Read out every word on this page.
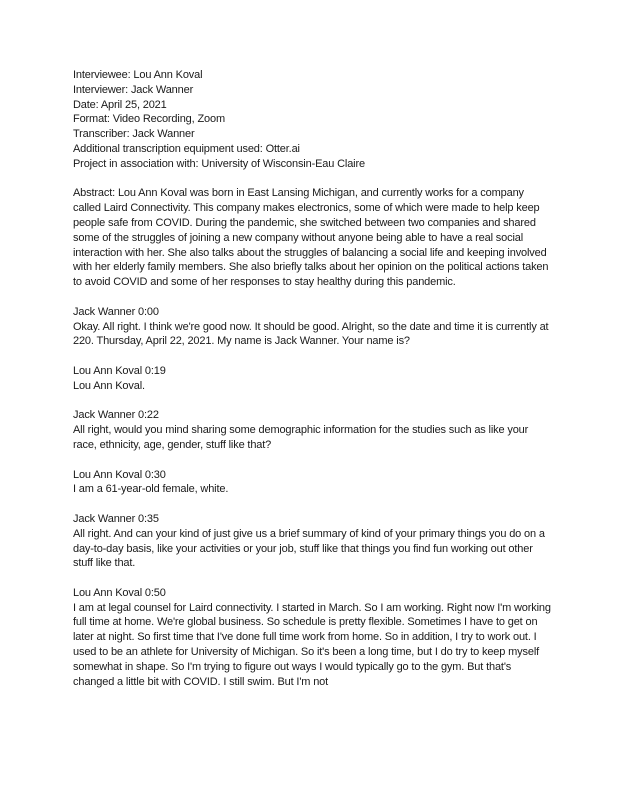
Interviewee: Lou Ann Koval
Interviewer: Jack Wanner
Date: April 25, 2021
Format: Video Recording, Zoom
Transcriber: Jack Wanner
Additional transcription equipment used: Otter.ai
Project in association with: University of Wisconsin-Eau Claire

Abstract: Lou Ann Koval was born in East Lansing Michigan, and currently works for a company called Laird Connectivity. This company makes electronics, some of which were made to help keep people safe from COVID. During the pandemic, she switched between two companies and shared some of the struggles of joining a new company without anyone being able to have a real social interaction with her. She also talks about the struggles of balancing a social life and keeping involved with her elderly family members. She also briefly talks about her opinion on the political actions taken to avoid COVID and some of her responses to stay healthy during this pandemic.

Jack Wanner 0:00
Okay. All right. I think we're good now. It should be good. Alright, so the date and time it is currently at 220. Thursday, April 22, 2021. My name is Jack Wanner. Your name is?
Lou Ann Koval 0:19
Lou Ann Koval.
Jack Wanner 0:22
All right, would you mind sharing some demographic information for the studies such as like your race, ethnicity, age, gender, stuff like that?
Lou Ann Koval 0:30
I am a 61-year-old female, white.
Jack Wanner 0:35
All right. And can your kind of just give us a brief summary of kind of your primary things you do on a day-to-day basis, like your activities or your job, stuff like that things you find fun working out other stuff like that.
Lou Ann Koval 0:50
I am at legal counsel for Laird connectivity. I started in March. So I am working. Right now I'm working full time at home. We're global business. So schedule is pretty flexible. Sometimes I have to get on later at night. So first time that I've done full time work from home. So in addition, I try to work out. I used to be an athlete for University of Michigan. So it's been a long time, but I do try to keep myself somewhat in shape. So I'm trying to figure out ways I would typically go to the gym. But that's changed a little bit with COVID. I still swim. But I'm not
